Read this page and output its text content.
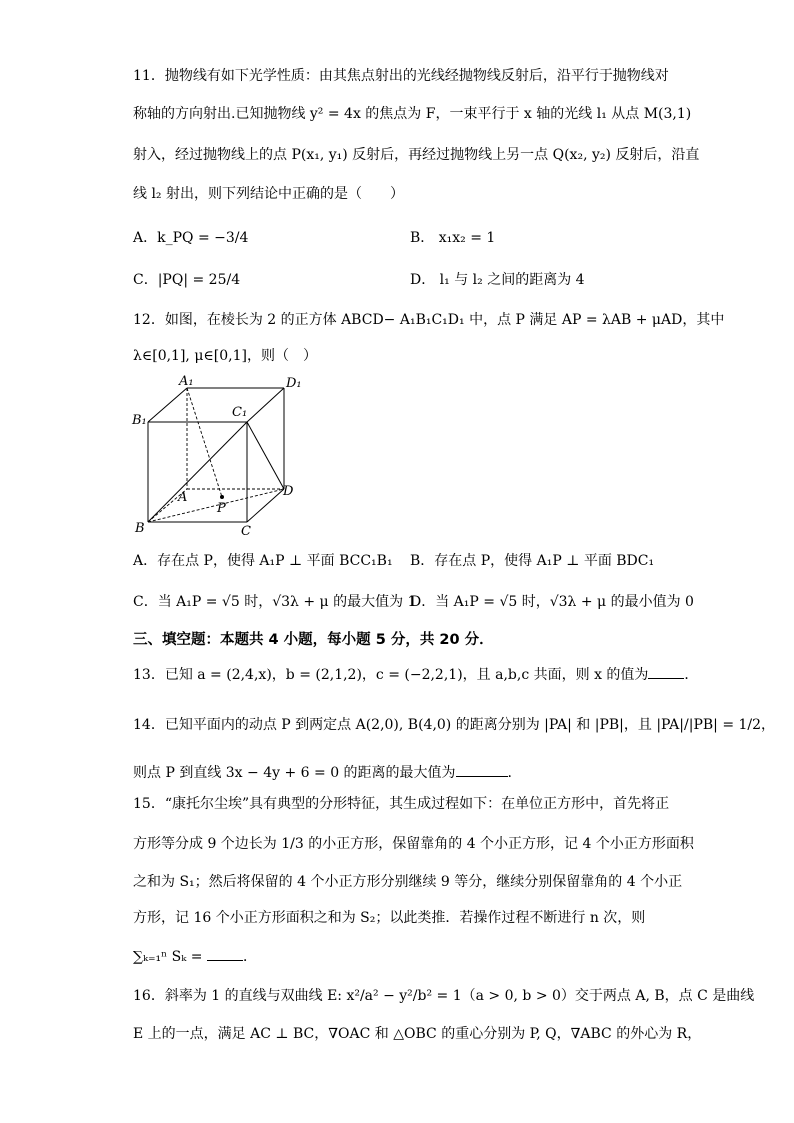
11．抛物线有如下光学性质：由其焦点射出的光线经抛物线反射后，沿平行于抛物线对
称轴的方向射出.已知抛物线 y² = 4x 的焦点为 F，一束平行于 x 轴的光线 l₁ 从点 M(3,1)
射入，经过抛物线上的点 P(x₁, y₁) 反射后，再经过抛物线上另一点 Q(x₂, y₂) 反射后，沿直
线 l₂ 射出，则下列结论中正确的是（　　）
A．k_PQ = −3/4	B． x₁x₂ = 1
C．|PQ| = 25/4	D． l₁ 与 l₂ 之间的距离为 4
12．如图，在棱长为 2 的正方体 ABCD− A₁B₁C₁D₁ 中，点 P 满足 AP = λAB + μAD，其中
λ∈[0,1], μ∈[0,1]，则（　）
A₁	D₁
B₁
C₁
A	D
P
B	C
A．存在点 P，使得 A₁P ⊥ 平面 BCC₁B₁ B．存在点 P，使得 A₁P ⊥ 平面 BDC₁
C．当 A₁P = √5 时，√3λ + μ 的最大值为 1
D．当 A₁P = √5 时，√3λ + μ 的最小值为 0
三、填空题：本题共 4 小题，每小题 5 分，共 20 分．
13．已知 a = (2,4,x)，b = (2,1,2)，c = (−2,2,1)，且 a,b,c 共面，则 x 的值为	．
14．已知平面内的动点 P 到两定点 A(2,0), B(4,0) 的距离分别为 |PA| 和 |PB|，且 |PA|/|PB| = 1/2，
则点 P 到直线 3x − 4y + 6 = 0 的距离的最大值为	.
15．“康托尔尘埃”具有典型的分形特征，其生成过程如下：在单位正方形中，首先将正
方形等分成 9 个边长为 1/3 的小正方形，保留靠角的 4 个小正方形，记 4 个小正方形面积
之和为 S₁；然后将保留的 4 个小正方形分别继续 9 等分，继续分别保留靠角的 4 个小正
方形，记 16 个小正方形面积之和为 S₂；以此类推．若操作过程不断进行 n 次，则
∑ₖ₌₁ⁿ Sₖ =	．
16．斜率为 1 的直线与双曲线 E: x²/a² − y²/b² = 1（a > 0, b > 0）交于两点 A, B，点 C 是曲线
E 上的一点，满足 AC ⊥ BC，∇OAC 和 △OBC 的重心分别为 P, Q，∇ABC 的外心为 R，
